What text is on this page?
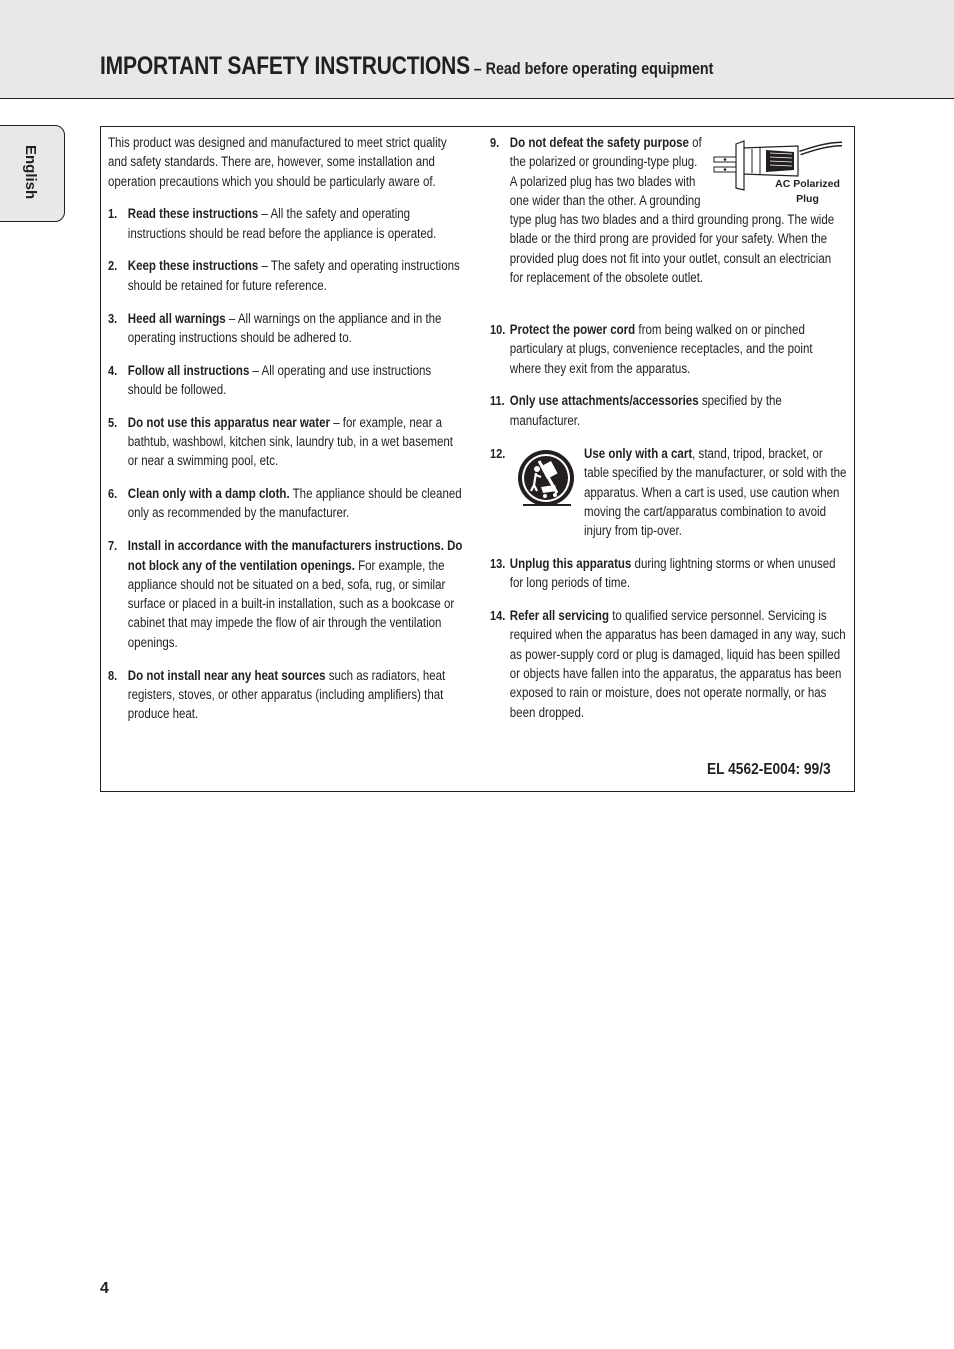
IMPORTANT SAFETY INSTRUCTIONS – Read before operating equipment
English

This product was designed and manufactured to meet strict quality and safety standards. There are, however, some installation and operation precautions which you should be particularly aware of.

1. Read these instructions – All the safety and operating instructions should be read before the appliance is operated.
2. Keep these instructions – The safety and operating instructions should be retained for future reference.
3. Heed all warnings – All warnings on the appliance and in the operating instructions should be adhered to.
4. Follow all instructions – All operating and use instructions should be followed.
5. Do not use this apparatus near water – for example, near a bathtub, washbowl, kitchen sink, laundry tub, in a wet basement or near a swimming pool, etc.
6. Clean only with a damp cloth. The appliance should be cleaned only as recommended by the manufacturer.
7. Install in accordance with the manufacturers instructions. Do not block any of the ventilation openings. For example, the appliance should not be situated on a bed, sofa, rug, or similar surface or placed in a built-in installation, such as a bookcase or cabinet that may impede the flow of air through the ventilation openings.
8. Do not install near any heat sources such as radiators, heat registers, stoves, or other apparatus (including amplifiers) that produce heat.
9. Do not defeat the safety purpose of the polarized or grounding-type plug. A polarized plug has two blades with one wider than the other. A grounding type plug has two blades and a third grounding prong. The wide blade or the third prong are provided for your safety. When the provided plug does not fit into your outlet, consult an electrician for replacement of the obsolete outlet.
AC Polarized Plug
10. Protect the power cord from being walked on or pinched particulary at plugs, convenience receptacles, and the point where they exit from the apparatus.
11. Only use attachments/accessories specified by the manufacturer.
12.	Use only with a cart, stand, tripod, bracket, or table specified by the manufacturer, or sold with the apparatus. When a cart is used, use caution when moving the cart/apparatus combination to avoid injury from tip-over.
13. Unplug this apparatus during lightning storms or when unused for long periods of time.
14. Refer all servicing to qualified service personnel. Servicing is required when the apparatus has been damaged in any way, such as power-supply cord or plug is damaged, liquid has been spilled or objects have fallen into the apparatus, the apparatus has been exposed to rain or moisture, does not operate normally, or has been dropped.
EL 4562-E004: 99/3
4
